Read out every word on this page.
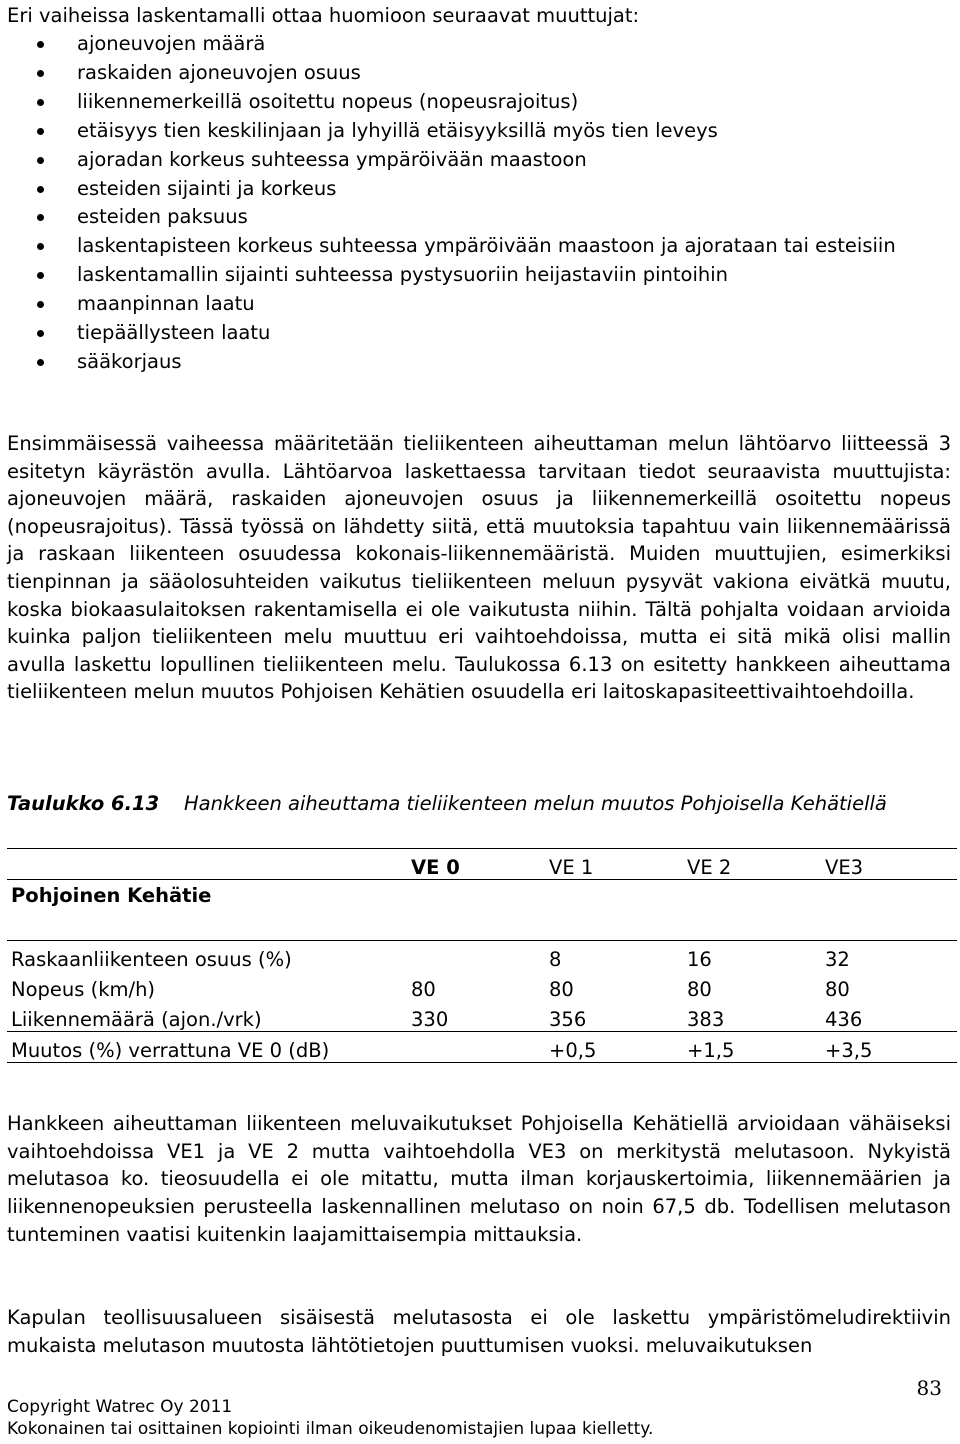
Eri vaiheissa laskentamalli ottaa huomioon seuraavat muuttujat:
ajoneuvojen määrä
raskaiden ajoneuvojen osuus
liikennemerkeillä osoitettu nopeus (nopeusrajoitus)
etäisyys tien keskilinjaan ja lyhyillä etäisyyksillä myös tien leveys
ajoradan korkeus suhteessa ympäröivään maastoon
esteiden sijainti ja korkeus
esteiden paksuus
laskentapisteen korkeus suhteessa ympäröivään maastoon ja ajorataan tai esteisiin
laskentamallin sijainti suhteessa pystysuoriin heijastaviin pintoihin
maanpinnan laatu
tiepäällysteen laatu
sääkorjaus

Ensimmäisessä vaiheessa määritetään tieliikenteen aiheuttaman melun lähtöarvo liitteessä 3 esitetyn käyrästön avulla. Lähtöarvoa laskettaessa tarvitaan tiedot seuraavista muuttujista: ajoneuvojen määrä, raskaiden ajoneuvojen osuus ja liikennemerkeillä osoitettu nopeus (nopeusrajoitus). Tässä työssä on lähdetty siitä, että muutoksia tapahtuu vain liikennemäärissä ja raskaan liikenteen osuudessa kokonais-liikennemääristä. Muiden muuttujien, esimerkiksi tienpinnan ja sääolosuhteiden vaikutus tieliikenteen meluun pysyvät vakiona eivätkä muutu, koska biokaasulaitoksen rakentamisella ei ole vaikutusta niihin. Tältä pohjalta voidaan arvioida kuinka paljon tieliikenteen melu muuttuu eri vaihtoehdoissa, mutta ei sitä mikä olisi mallin avulla laskettu lopullinen tieliikenteen melu. Taulukossa 6.13 on esitetty hankkeen aiheuttama tieliikenteen melun muutos Pohjoisen Kehätien osuudella eri laitoskapasiteettivaihtoehdoilla.

Taulukko 6.13 Hankkeen aiheuttama tieliikenteen melun muutos Pohjoisella Kehätiellä
	VE 0	VE 1	VE 2	VE3
Pohjoinen Kehätie				
Raskaanliikenteen osuus (%)		8	16	32
Nopeus (km/h)	80	80	80	80
Liikennemäärä (ajon./vrk)	330	356	383	436
Muutos (%) verrattuna VE 0 (dB)		+0,5	+1,5	+3,5

Hankkeen aiheuttaman liikenteen meluvaikutukset Pohjoisella Kehätiellä arvioidaan vähäiseksi vaihtoehdoissa VE1 ja VE 2 mutta vaihtoehdolla VE3 on merkitystä melutasoon. Nykyistä melutasoa ko. tieosuudella ei ole mitattu, mutta ilman korjauskertoimia, liikennemäärien ja liikennenopeuksien perusteella laskennallinen melutaso on noin 67,5 db. Todellisen melutason tunteminen vaatisi kuitenkin laajamittaisempia mittauksia.

Kapulan teollisuusalueen sisäisestä melutasosta ei ole laskettu ympäristömeludirektiivin mukaista melutason muutosta lähtötietojen puuttumisen vuoksi. meluvaikutuksen

83
Copyright Watrec Oy 2011
Kokonainen tai osittainen kopiointi ilman oikeudenomistajien lupaa kielletty.
